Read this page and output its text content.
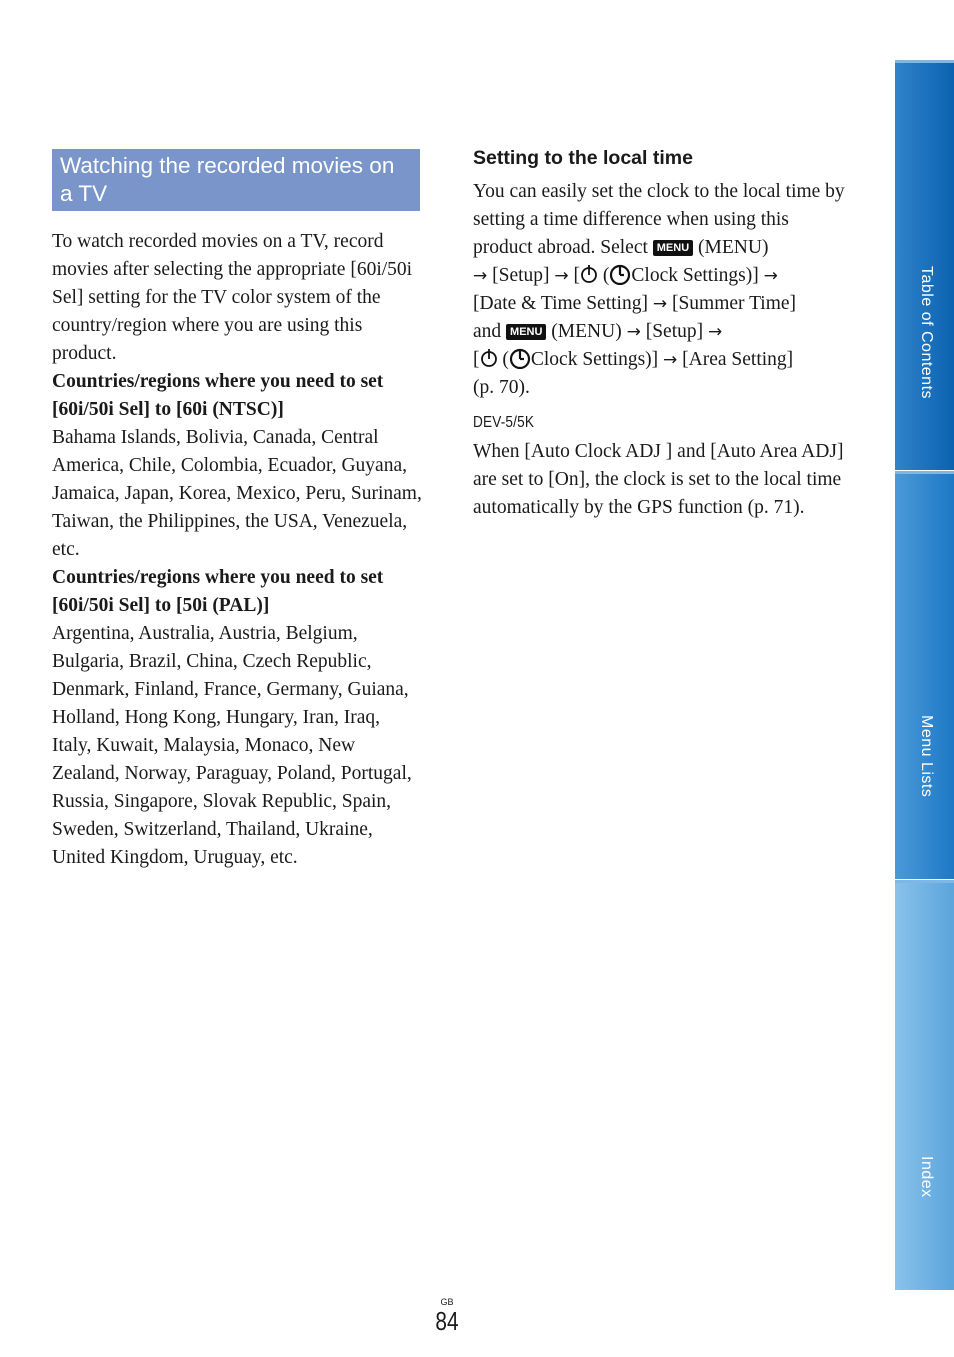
Watching the recorded movies on a TV

To watch recorded movies on a TV, record movies after selecting the appropriate [60i/50i Sel] setting for the TV color system of the country/region where you are using this product.

Countries/regions where you need to set [60i/50i Sel] to [60i (NTSC)]

Bahama Islands, Bolivia, Canada, Central America, Chile, Colombia, Ecuador, Guyana, Jamaica, Japan, Korea, Mexico, Peru, Surinam, Taiwan, the Philippines, the USA, Venezuela, etc.

Countries/regions where you need to set [60i/50i Sel] to [50i (PAL)]

Argentina, Australia, Austria, Belgium, Bulgaria, Brazil, China, Czech Republic, Denmark, Finland, France, Germany, Guiana, Holland, Hong Kong, Hungary, Iran, Iraq, Italy, Kuwait, Malaysia, Monaco, New Zealand, Norway, Paraguay, Poland, Portugal, Russia, Singapore, Slovak Republic, Spain, Sweden, Switzerland, Thailand, Ukraine, United Kingdom, Uruguay, etc.

Setting to the local time

You can easily set the clock to the local time by setting a time difference when using this product abroad. Select MENU (MENU)
→ [Setup] → [ ( Clock Settings)] →
[Date & Time Setting] → [Summer Time]
and MENU (MENU) → [Setup] →
[ ( Clock Settings)] → [Area Setting]
(p. 70).

DEV-5/5K

When [Auto Clock ADJ ] and [Auto Area ADJ] are set to [On], the clock is set to the local time automatically by the GPS function (p. 71).

Table of Contents
Menu Lists
Index
GB
84
